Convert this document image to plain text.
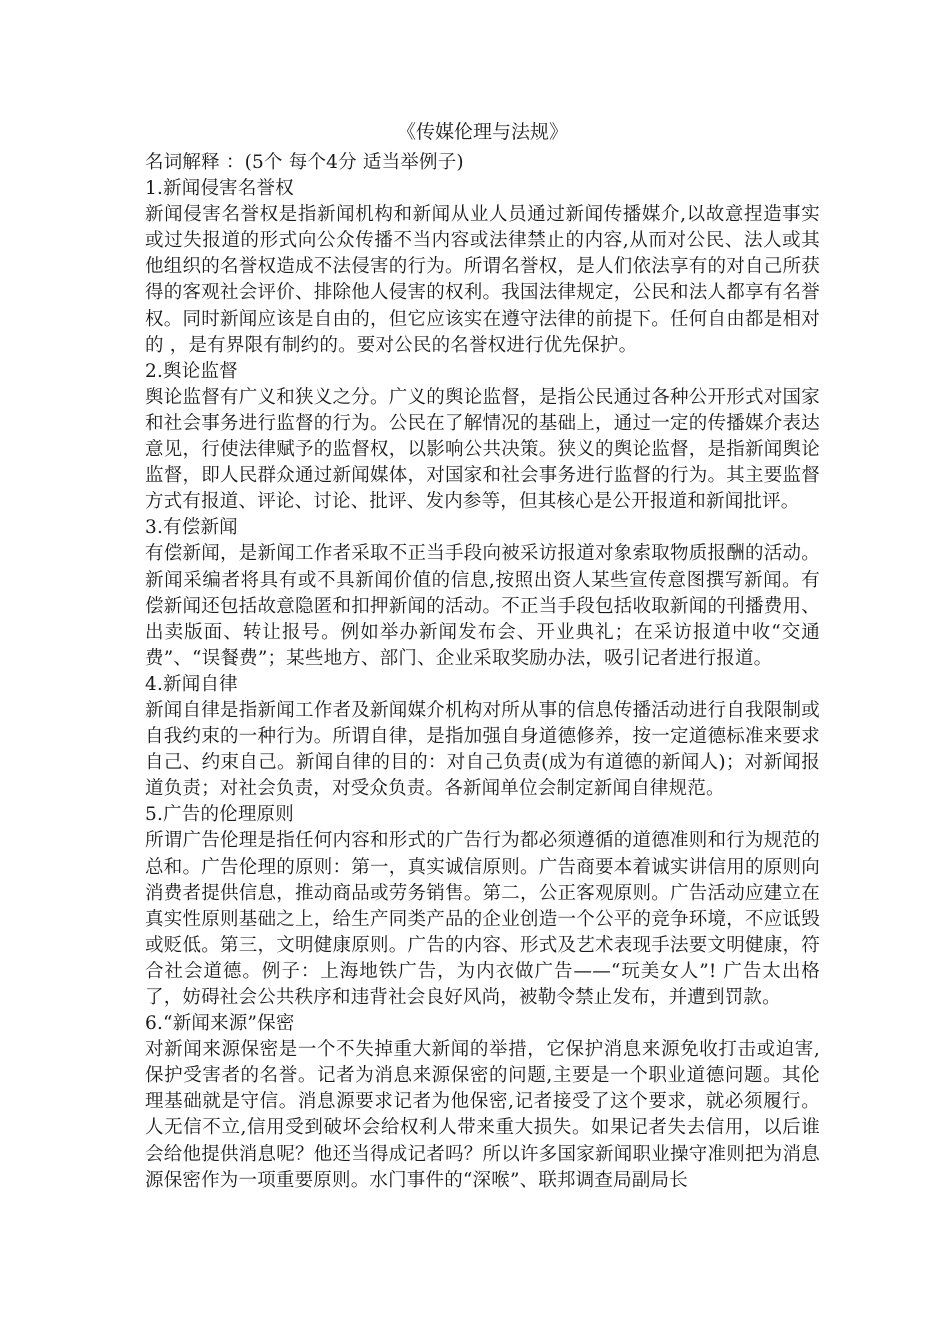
《传媒伦理与法规》

名词解释 ：(5个 每个4分 适当举例子)

1.新闻侵害名誉权

新闻侵害名誉权是指新闻机构和新闻从业人员通过新闻传播媒介,以故意捏造事实或过失报道的形式向公众传播不当内容或法律禁止的内容,从而对公民、法人或其他组织的名誉权造成不法侵害的行为。所谓名誉权，是人们依法享有的对自己所获得的客观社会评价、排除他人侵害的权利。我国法律规定，公民和法人都享有名誉权。同时新闻应该是自由的，但它应该实在遵守法律的前提下。任何自由都是相对的 ，是有界限有制约的。要对公民的名誉权进行优先保护。

2.舆论监督

舆论监督有广义和狭义之分。广义的舆论监督，是指公民通过各种公开形式对国家和社会事务进行监督的行为。公民在了解情况的基础上，通过一定的传播媒介表达意见，行使法律赋予的监督权，以影响公共决策。狭义的舆论监督，是指新闻舆论监督，即人民群众通过新闻媒体，对国家和社会事务进行监督的行为。其主要监督方式有报道、评论、讨论、批评、发内参等，但其核心是公开报道和新闻批评。

3.有偿新闻

有偿新闻，是新闻工作者采取不正当手段向被采访报道对象索取物质报酬的活动。新闻采编者将具有或不具新闻价值的信息,按照出资人某些宣传意图撰写新闻。有偿新闻还包括故意隐匿和扣押新闻的活动。不正当手段包括收取新闻的刊播费用、出卖版面、转让报号。例如举办新闻发布会、开业典礼；在采访报道中收“交通费”、“误餐费”；某些地方、部门、企业采取奖励办法，吸引记者进行报道。

4.新闻自律

新闻自律是指新闻工作者及新闻媒介机构对所从事的信息传播活动进行自我限制或自我约束的一种行为。所谓自律，是指加强自身道德修养，按一定道德标准来要求自己、约束自己。新闻自律的目的：对自己负责(成为有道德的新闻人)；对新闻报道负责；对社会负责，对受众负责。各新闻单位会制定新闻自律规范。

5.广告的伦理原则

所谓广告伦理是指任何内容和形式的广告行为都必须遵循的道德准则和行为规范的总和。广告伦理的原则：第一，真实诚信原则。广告商要本着诚实讲信用的原则向消费者提供信息，推动商品或劳务销售。第二，公正客观原则。广告活动应建立在真实性原则基础之上，给生产同类产品的企业创造一个公平的竞争环境，不应诋毁或贬低。第三，文明健康原则。广告的内容、形式及艺术表现手法要文明健康，符合社会道德。例子：上海地铁广告，为内衣做广告——“玩美女人”! 广告太出格了，妨碍社会公共秩序和违背社会良好风尚，被勒令禁止发布，并遭到罚款。

6.“新闻来源”保密

对新闻来源保密是一个不失掉重大新闻的举措，它保护消息来源免收打击或迫害,保护受害者的名誉。记者为消息来源保密的问题,主要是一个职业道德问题。其伦理基础就是守信。消息源要求记者为他保密,记者接受了这个要求，就必须履行。人无信不立,信用受到破坏会给权利人带来重大损失。如果记者失去信用，以后谁会给他提供消息呢？他还当得成记者吗？所以许多国家新闻职业操守准则把为消息源保密作为一项重要原则。水门事件的“深喉”、联邦调查局副局长
